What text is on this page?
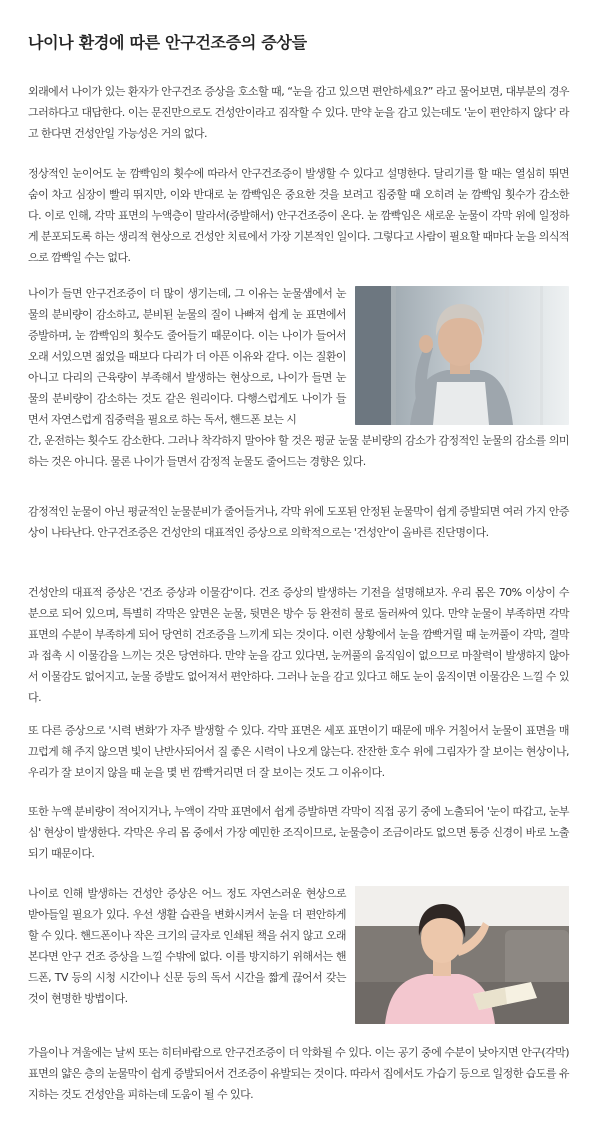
나이나 환경에 따른 안구건조증의 증상들

외래에서 나이가 있는 환자가 안구건조 증상을 호소할 때, “눈을 감고 있으면 편안하세요?” 라고 물어보면, 대부분의 경우 그러하다고 대답한다. 이는 문진만으로도 건성안이라고 짐작할 수 있다. 만약 눈을 감고 있는데도 '눈이 편안하지 않다' 라고 한다면 건성안일 가능성은 거의 없다.

정상적인 눈이어도 눈 깜빡임의 횟수에 따라서 안구건조증이 발생할 수 있다고 설명한다. 달리기를 할 때는 열심히 뛰면 숨이 차고 심장이 빨리 뛰지만, 이와 반대로 눈 깜빡임은 중요한 것을 보려고 집중할 때 오히려 눈 깜빡임 횟수가 감소한다. 이로 인해, 각막 표면의 누액층이 말라서(증발해서) 안구건조증이 온다. 눈 깜빡임은 새로운 눈물이 각막 위에 일정하게 분포되도록 하는 생리적 현상으로 건성안 치료에서 가장 기본적인 일이다. 그렇다고 사람이 필요할 때마다 눈을 의식적으로 깜빡일 수는 없다.

나이가 들면 안구건조증이 더 많이 생기는데, 그 이유는 눈물샘에서 눈물의 분비량이 감소하고, 분비된 눈물의 질이 나빠져 쉽게 눈 표면에서 증발하며, 눈 깜빡임의 횟수도 줄어들기 때문이다. 이는 나이가 들어서 오래 서있으면 젊었을 때보다 다리가 더 아픈 이유와 같다. 이는 질환이 아니고 다리의 근육량이 부족해서 발생하는 현상으로, 나이가 들면 눈물의 분비량이 감소하는 것도 같은 원리이다. 다행스럽게도 나이가 들면서 자연스럽게 집중력을 필요로 하는 독서, 핸드폰 보는 시

간, 운전하는 횟수도 감소한다. 그러나 착각하지 말아야 할 것은 평균 눈물 분비량의 감소가 감정적인 눈물의 감소를 의미하는 것은 아니다. 물론 나이가 들면서 감정적 눈물도 줄어드는 경향은 있다.

감정적인 눈물이 아닌 평균적인 눈물분비가 줄어들거나, 각막 위에 도포된 안정된 눈물막이 쉽게 증발되면 여러 가지 안증상이 나타난다. 안구건조증은 건성안의 대표적인 증상으로 의학적으로는 '건성안'이 올바른 진단명이다.

건성안의 대표적 증상은 '건조 증상과 이물감'이다. 건조 증상의 발생하는 기전을 설명해보자. 우리 몸은 70% 이상이 수분으로 되어 있으며, 특별히 각막은 앞면은 눈물, 뒷면은 방수 등 완전히 물로 둘러싸여 있다. 만약 눈물이 부족하면 각막 표면의 수분이 부족하게 되어 당연히 건조증을 느끼게 되는 것이다. 이런 상황에서 눈을 깜빡거릴 때 눈꺼풀이 각막, 결막과 접촉 시 이물감을 느끼는 것은 당연하다. 만약 눈을 감고 있다면, 눈꺼풀의 움직임이 없으므로 마찰력이 발생하지 않아서 이물감도 없어지고, 눈물 증발도 없어져서 편안하다. 그러나 눈을 감고 있다고 해도 눈이 움직이면 이물감은 느낄 수 있다.

또 다른 증상으로 '시력 변화'가 자주 발생할 수 있다. 각막 표면은 세포 표면이기 때문에 매우 거칠어서 눈물이 표면을 매끄럽게 해 주지 않으면 빛이 난반사되어서 질 좋은 시력이 나오게 않는다. 잔잔한 호수 위에 그림자가 잘 보이는 현상이나, 우리가 잘 보이지 않을 때 눈을 몇 번 깜빡거리면 더 잘 보이는 것도 그 이유이다.

또한 누액 분비량이 적어지거나, 누액이 각막 표면에서 쉽게 증발하면 각막이 직접 공기 중에 노출되어 '눈이 따갑고, 눈부심' 현상이 발생한다. 각막은 우리 몸 중에서 가장 예민한 조직이므로, 눈물층이 조금이라도 없으면 통증 신경이 바로 노출되기 때문이다.

나이로 인해 발생하는 건성안 증상은 어느 정도 자연스러운 현상으로 받아들일 필요가 있다. 우선 생활 습관을 변화시켜서 눈을 더 편안하게 할 수 있다. 핸드폰이나 작은 크기의 글자로 인쇄된 책을 쉬지 않고 오래 본다면 안구 건조 증상을 느낄 수밖에 없다. 이를 방지하기 위해서는 핸드폰, TV 등의 시청 시간이나 신문 등의 독서 시간을 짧게 끊어서 갖는 것이 현명한 방법이다.

가을이나 겨울에는 날씨 또는 히터바람으로 안구건조증이 더 악화될 수 있다. 이는 공기 중에 수분이 낮아지면 안구(각막)표면의 얇은 층의 눈물막이 쉽게 증발되어서 건조증이 유발되는 것이다. 따라서 집에서도 가습기 등으로 일정한 습도를 유지하는 것도 건성안을 피하는데 도움이 될 수 있다.
